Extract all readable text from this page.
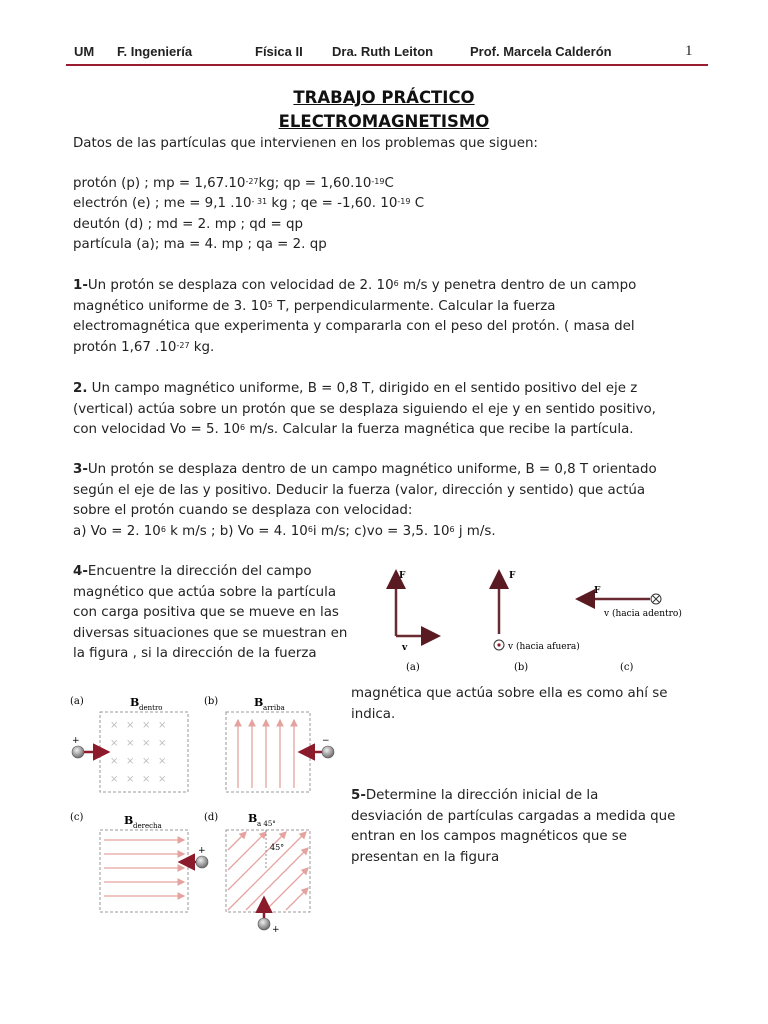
UM F. Ingeniería	Física II Dra. Ruth Leiton	Prof. Marcela Calderón	1
TRABAJO PRÁCTICO
ELECTROMAGNETISMO
Datos de las partículas que intervienen en los problemas que siguen:
protón (p) ; mp = $1,67.10^{-27}kg$; qp = $1,60.10^{-19}C$
electrón (e) ; me = 9,1 $.10^{- 31}$ kg ; qe = -1,60. $10^{-19}$ C
deutón (d) ; md = 2. mp ; qd = qp
partícula (a); ma = 4. mp ; qa = 2. qp
1-Un protón se desplaza con velocidad de 2. $10^6$ m/s y penetra dentro de un campo
magnético uniforme de 3. $10^5$ T, perpendicularmente. Calcular la fuerza
electromagnética que experimenta y compararla con el peso del protón. ( masa del
protón 1,67 $.10^{-27}$ kg.
2. Un campo magnético uniforme, B = 0,8 T, dirigido en el sentido positivo del eje z
(vertical) actúa sobre un protón que se desplaza siguiendo el eje y en sentido positivo,
con velocidad Vo = 5. $10^6$ m/s. Calcular la fuerza magnética que recibe la partícula.
3-Un protón se desplaza dentro de un campo magnético uniforme, B = 0,8 T orientado
según el eje de las y positivo. Deducir la fuerza (valor, dirección y sentido) que actúa
sobre el protón cuando se desplaza con velocidad:
a) Vo = 2. $10^6$ k m/s ; b) Vo = 4. $10^6i$ m/s; c)vo = 3,5. $10^6$ j m/s.
4-Encuentre la dirección del campo
magnético que actúa sobre la partícula
con carga positiva que se mueve en las
diversas situaciones que se muestran en
la figura , si la dirección de la fuerza
magnética que actúa sobre ella es como ahí se
indica.
5-Determine la dirección inicial de la
desviación de partículas cargadas a medida que
entran en los campos magnéticos que se
presentan en la figura
F
v
(a)
F
v (hacia afuera)
(b)
F
v (hacia adentro)
(c)
(a)	B dentro
× × × ×
× × × ×
× × × ×
× × × ×
+
(b)	B arriba
−
(c)	B derecha
+
(d)	B a 45°
45°
+
